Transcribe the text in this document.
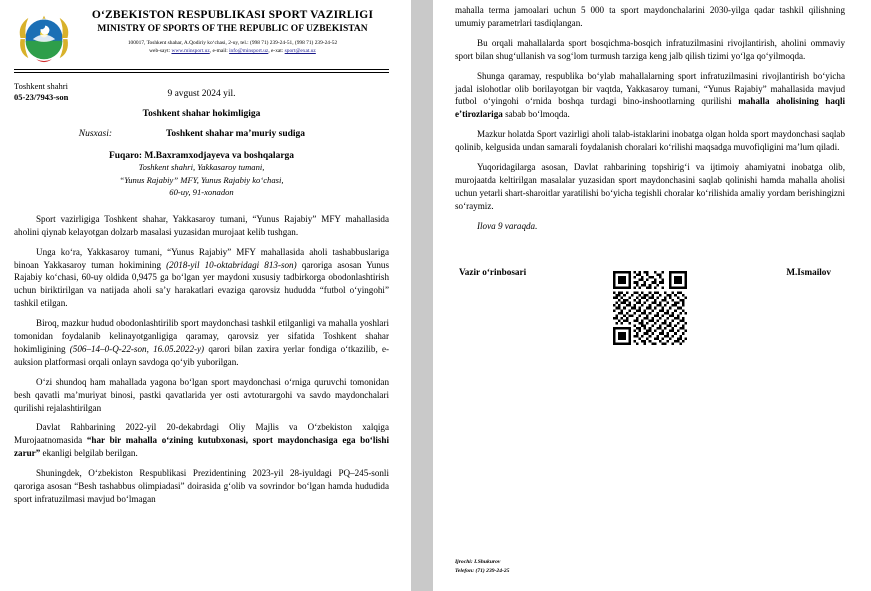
O‘ZBEKISTON RESPUBLIKASI SPORT VAZIRLIGI
MINISTRY OF SPORTS OF THE REPUBLIC OF UZBEKISTAN
100017, Toshkent shahar, A.Qodiriy ko‘chasi, 2-uy, tel.: (998 71) 239-24-51, (998 71) 239-24-52
web-sayt: www.minsport.uz, e-mail: info@minsport.uz, e-xat: sport@exat.uz
Toshkent shahri
05-23/7943-son	9 avgust 2024 yil.
Toshkent shahar hokimligiga
Nusxasi:	Toshkent shahar ma’muriy sudiga
Fuqaro: M.Baxramxodjayeva va boshqalarga
Toshkent shahri, Yakkasaroy tumani,
“Yunus Rajabiy” MFY, Yunus Rajabiy ko‘chasi,
60-uy, 91-xonadon

Sport vazirligiga Toshkent shahar, Yakkasaroy tumani, “Yunus Rajabiy” MFY mahallasida aholini qiynab kelayotgan dolzarb masalasi yuzasidan murojaat kelib tushgan.

Unga ko‘ra, Yakkasaroy tumani, “Yunus Rajabiy” MFY mahallasida aholi tashabbuslariga binoan Yakkasaroy tuman hokimining (2018-yil 10-oktabridagi 813-son) qaroriga asosan Yunus Rajabiy ko‘chasi, 60-uy oldida 0,9475 ga bo‘lgan yer maydoni xususiy tadbirkorga obodonlashtirish uchun biriktirilgan va natijada aholi sa’y harakatlari evaziga qarovsiz hududda “futbol o‘yingohi” tashkil etilgan.

Biroq, mazkur hudud obodonlashtirilib sport maydonchasi tashkil etilganligi va mahalla yoshlari tomonidan foydalanib kelinayotganligiga qaramay, qarovsiz yer sifatida Toshkent shahar hokimligining (506–14–0-Q-22-son, 16.05.2022-y) qarori bilan zaxira yerlar fondiga o‘tkazilib, e-auksion platformasi orqali onlayn savdoga qo‘yib yuborilgan.

O‘zi shundoq ham mahallada yagona bo‘lgan sport maydonchasi o‘rniga quruvchi tomonidan besh qavatli ma’muriyat binosi, pastki qavatlarida yer osti avtoturargohi va savdo maydonchalari qurilishi rejalashtirilgan

Davlat Rahbarining 2022-yil 20-dekabrdagi Oliy Majlis va O‘zbekiston xalqiga Murojaatnomasida “har bir mahalla o‘zining kutubxonasi, sport maydonchasiga ega bo‘lishi zarur” ekanligi belgilab berilgan.

Shuningdek, O‘zbekiston Respublikasi Prezidentining 2023-yil 28-iyuldagi PQ–245-sonli qaroriga asosan “Besh tashabbus olimpiadasi” doirasida g‘olib va sovrindor bo‘lgan hamda hududida sport infratuzilmasi mavjud bo‘lmagan

mahalla terma jamoalari uchun 5 000 ta sport maydonchalarini 2030-yilga qadar tashkil qilishning umumiy parametrlari tasdiqlangan.

Bu orqali mahallalarda sport bosqichma-bosqich infratuzilmasini rivojlantirish, aholini ommaviy sport bilan shug‘ullanish va sog‘lom turmush tarziga keng jalb qilish tizimi yo‘lga qo‘yilmoqda.

Shunga qaramay, respublika bo‘ylab mahallalarning sport infratuzilmasini rivojlantirish bo‘yicha jadal islohotlar olib borilayotgan bir vaqtda, Yakkasaroy tumani, “Yunus Rajabiy” mahallasida mavjud futbol o‘yingohi o‘rnida boshqa turdagi bino-inshootlarning qurilishi mahalla aholisining haqli e’tirozlariga sabab bo‘lmoqda.

Mazkur holatda Sport vazirligi aholi talab-istaklarini inobatga olgan holda sport maydonchasi saqlab qolinib, kelgusida undan samarali foydalanish choralari ko‘rilishi maqsadga muvofiqligini ma’lum qiladi.

Yuqoridagilarga asosan, Davlat rahbarining topshirig‘i va ijtimoiy ahamiyatni inobatga olib, murojaatda keltirilgan masalalar yuzasidan sport maydonchasini saqlab qolinishi hamda mahalla aholisi uchun yetarli shart-sharoitlar yaratilishi bo‘yicha tegishli choralar ko‘rilishida amaliy yordam berishingizni so‘raymiz.

Ilova 9 varaqda.

Vazir o‘rinbosari	M.Ismailov
Ijrochi: I.Shukurov
Telefon: (71) 239-24-25
